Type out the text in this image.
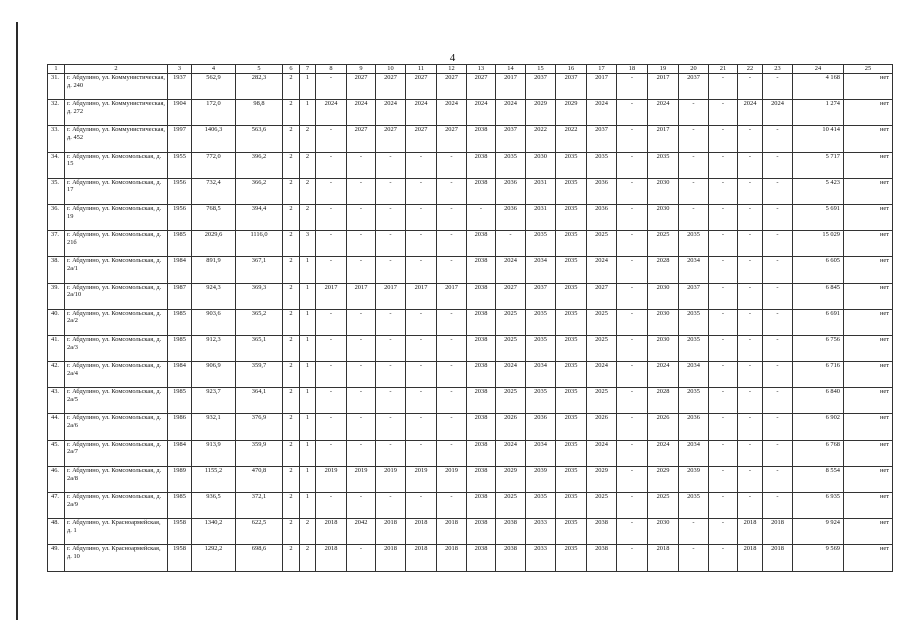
4
1	2	3	4	5	6	7	8	9	10	11	12	13	14	15	16	17	18	19	20	21	22	23	24	25
31.	г. Абдулино, ул. Коммунистическая, д. 240	1937	562,9	282,3	2	1	-	2027	2027	2027	2027	2027	2017	2037	2037	2017	-	2017	2037	-	-	-	4 168	нет
32.	г. Абдулино, ул. Коммунистическая, д. 272	1904	172,0	98,8	2	1	2024	2024	2024	2024	2024	2024	2024	2029	2029	2024	-	2024	-	-	2024	2024	1 274	нет
33.	г. Абдулино, ул. Коммунистическая, д. 452	1997	1406,3	563,6	2	2	-	2027	2027	2027	2027	2038	2037	2022	2022	2037	-	2017	-	-	-	-	10 414	нет
34.	г. Абдулино, ул. Комсомольская, д. 15	1955	772,0	396,2	2	2	-	-	-	-	-	2038	2035	2030	2035	2035	-	2035	-	-	-	-	5 717	нет
35.	г. Абдулино, ул. Комсомольская, д. 17	1956	732,4	366,2	2	2	-	-	-	-	-	2038	2036	2031	2035	2036	-	2030	-	-	-	-	5 423	нет
36.	г. Абдулино, ул. Комсомольская, д. 19	1956	768,5	394,4	2	2	-	-	-	-	-	-	2036	2031	2035	2036	-	2030	-	-	-	-	5 691	нет
37.	г. Абдулино, ул. Комсомольская, д. 21б	1985	2029,6	1116,0	2	3	-	-	-	-	-	2038	-	2035	2035	2025	-	2025	2035	-	-	-	15 029	нет
38.	г. Абдулино, ул. Комсомольская, д. 2а/1	1984	891,9	367,1	2	1	-	-	-	-	-	2038	2024	2034	2035	2024	-	2028	2034	-	-	-	6 605	нет
39.	г. Абдулино, ул. Комсомольская, д. 2а/10	1987	924,3	369,3	2	1	2017	2017	2017	2017	2017	2038	2027	2037	2035	2027	-	2030	2037	-	-	-	6 845	нет
40.	г. Абдулино, ул. Комсомольская, д. 2а/2	1985	903,6	365,2	2	1	-	-	-	-	-	2038	2025	2035	2035	2025	-	2030	2035	-	-	-	6 691	нет
41.	г. Абдулино, ул. Комсомольская, д. 2а/3	1985	912,3	365,1	2	1	-	-	-	-	-	2038	2025	2035	2035	2025	-	2030	2035	-	-	-	6 756	нет
42.	г. Абдулино, ул. Комсомольская, д. 2а/4	1984	906,9	359,7	2	1	-	-	-	-	-	2038	2024	2034	2035	2024	-	2024	2034	-	-	-	6 716	нет
43.	г. Абдулино, ул. Комсомольская, д. 2а/5	1985	923,7	364,1	2	1	-	-	-	-	-	2038	2025	2035	2035	2025	-	2028	2035	-	-	-	6 840	нет
44.	г. Абдулино, ул. Комсомольская, д. 2а/6	1986	932,1	376,9	2	1	-	-	-	-	-	2038	2026	2036	2035	2026	-	2026	2036	-	-	-	6 902	нет
45.	г. Абдулино, ул. Комсомольская, д. 2а/7	1984	913,9	359,9	2	1	-	-	-	-	-	2038	2024	2034	2035	2024	-	2024	2034	-	-	-	6 768	нет
46.	г. Абдулино, ул. Комсомольская, д. 2а/8	1989	1155,2	470,8	2	1	2019	2019	2019	2019	2019	2038	2029	2039	2035	2029	-	2029	2039	-	-	-	8 554	нет
47.	г. Абдулино, ул. Комсомольская, д. 2а/9	1985	936,5	372,1	2	1	-	-	-	-	-	2038	2025	2035	2035	2025	-	2025	2035	-	-	-	6 935	нет
48.	г. Абдулино, ул. Красноармейская, д. 1	1958	1340,2	622,5	2	2	2018	2042	2018	2018	2018	2038	2038	2033	2035	2038	-	2030	-	-	2018	2018	9 924	нет
49.	г. Абдулино, ул. Красноармейская, д. 10	1958	1292,2	698,6	2	2	2018	-	2018	2018	2018	2038	2038	2033	2035	2038	-	2018	-	-	2018	2018	9 569	нет
